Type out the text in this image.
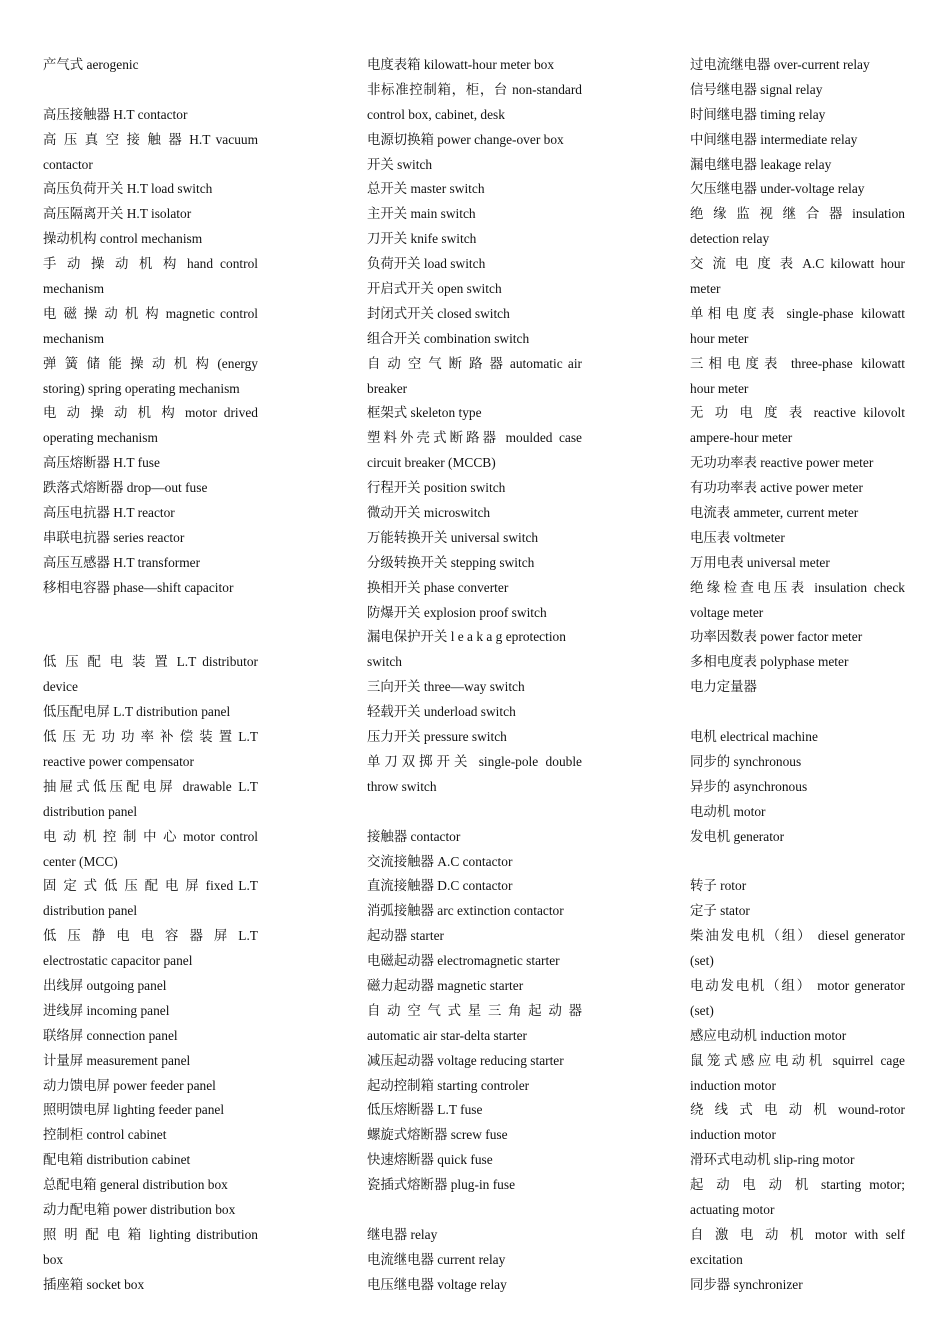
产气式 aerogenic
高压接触器 H.T contactor
高 压 真 空 接 触 器 H.T vacuum
contactor
高压负荷开关 H.T load switch
高压隔离开关 H.T isolator
操动机构 control mechanism
手 动 操 动 机 构 hand control
mechanism
电 磁 操 动 机 构 magnetic control
mechanism
弹 簧 储 能 操 动 机 构 (energy
storing) spring operating mechanism
电 动 操 动 机 构 motor drived
operating mechanism
高压熔断器 H.T fuse
跌落式熔断器 drop—out fuse
高压电抗器 H.T reactor
串联电抗器 series reactor
高压互感器 H.T transformer
移相电容器 phase—shift capacitor
低 压 配 电 装 置 L.T distributor
device
低压配电屏 L.T distribution panel
低 压 无 功 功 率 补 偿 装 置 L.T
reactive power compensator
抽屉式低压配电屏 drawable L.T
distribution panel
电 动 机 控 制 中 心 motor control
center (MCC)
固 定 式 低 压 配 电 屏 fixed L.T
distribution panel
低 压 静 电 电 容 器 屏 L.T
electrostatic capacitor panel
出线屏 outgoing panel
进线屏 incoming panel
联络屏 connection panel
计量屏 measurement panel
动力馈电屏 power feeder panel
照明馈电屏 lighting feeder panel
控制柜 control cabinet
配电箱 distribution cabinet
总配电箱 general distribution box
动力配电箱 power distribution box
照 明 配 电 箱 lighting distribution
box
插座箱 socket box
电度表箱 kilowatt-hour meter box
非标准控制箱，柜，台 non-standard
control box, cabinet, desk
电源切换箱 power change-over box
开关 switch
总开关 master switch
主开关 main switch
刀开关 knife switch
负荷开关 load switch
开启式开关 open switch
封闭式开关 closed switch
组合开关 combination switch
自 动 空 气 断 路 器 automatic air
breaker
框架式 skeleton type
塑料外壳式断路器 moulded case
circuit breaker (MCCB)
行程开关 position switch
微动开关 microswitch
万能转换开关 universal switch
分级转换开关 stepping switch
换相开关 phase converter
防爆开关 explosion proof switch
漏电保护开关 l e a k a g eprotection
switch
三向开关 three—way switch
轻载开关 underload switch
压力开关 pressure switch
单刀双掷开关 single-pole double
throw switch
接触器 contactor
交流接触器 A.C contactor
直流接触器 D.C contactor
消弧接触器 arc extinction contactor
起动器 starter
电磁起动器 electromagnetic starter
磁力起动器 magnetic starter
自 动 空 气 式 星 三 角 起 动 器
automatic air star-delta starter
减压起动器 voltage reducing starter
起动控制箱 starting controler
低压熔断器 L.T fuse
螺旋式熔断器 screw fuse
快速熔断器 quick fuse
瓷插式熔断器 plug-in fuse
继电器 relay
电流继电器 current relay
电压继电器 voltage relay
过电流继电器 over-current relay
信号继电器 signal relay
时间继电器 timing relay
中间继电器 intermediate relay
漏电继电器 leakage relay
欠压继电器 under-voltage relay
绝 缘 监 视 继 合 器 insulation
detection relay
交 流 电 度 表 A.C kilowatt hour
meter
单相电度表 single-phase kilowatt
hour meter
三相电度表 three-phase kilowatt
hour meter
无 功 电 度 表 reactive kilovolt
ampere-hour meter
无功功率表 reactive power meter
有功功率表 active power meter
电流表 ammeter, current meter
电压表 voltmeter
万用电表 universal meter
绝缘检查电压表 insulation check
voltage meter
功率因数表 power factor meter
多相电度表 polyphase meter
电力定量器
电机 electrical machine
同步的 synchronous
异步的 asynchronous
电动机 motor
发电机 generator
转子 rotor
定子 stator
柴油发电机（组） diesel generator
(set)
电动发电机（组） motor generator
(set)
感应电动机 induction motor
鼠笼式感应电动机 squirrel cage
induction motor
绕 线 式 电 动 机 wound-rotor
induction motor
滑环式电动机 slip-ring motor
起 动 电 动 机 starting motor;
actuating motor
自 激 电 动 机 motor with self
excitation
同步器 synchronizer
